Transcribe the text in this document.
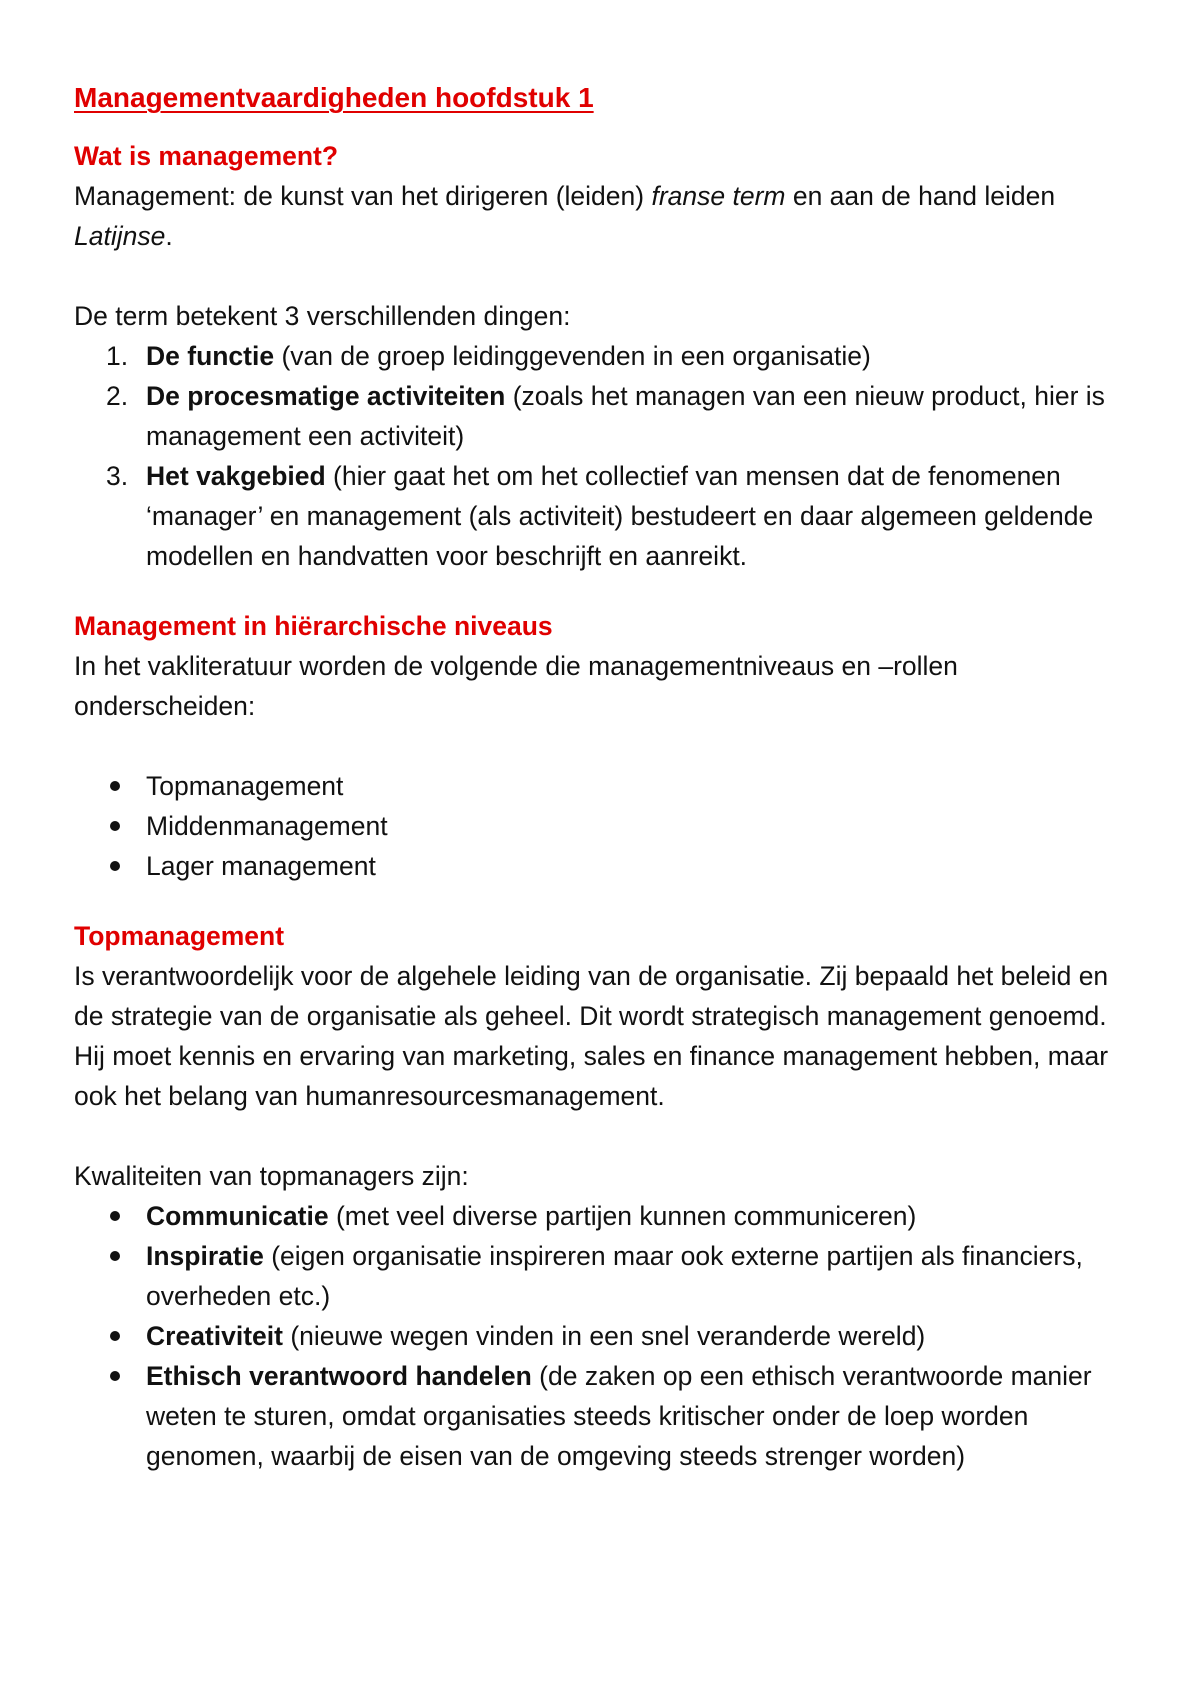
Managementvaardigheden hoofdstuk 1
Wat is management?

Management: de kunst van het dirigeren (leiden) franse term en aan de hand leiden Latijnse.

De term betekent 3 verschillenden dingen:

1. De functie (van de groep leidinggevenden in een organisatie)
2. De procesmatige activiteiten (zoals het managen van een nieuw product, hier is management een activiteit)
3. Het vakgebied (hier gaat het om het collectief van mensen dat de fenomenen ‘manager’ en management (als activiteit) bestudeert en daar algemeen geldende modellen en handvatten voor beschrijft en aanreikt.
Management in hiërarchische niveaus

In het vakliteratuur worden de volgende die managementniveaus en –rollen onderscheiden:

Topmanagement
Middenmanagement
Lager management
Topmanagement

Is verantwoordelijk voor de algehele leiding van de organisatie. Zij bepaald het beleid en de strategie van de organisatie als geheel. Dit wordt strategisch management genoemd. Hij moet kennis en ervaring van marketing, sales en finance management hebben, maar ook het belang van humanresourcesmanagement.

Kwaliteiten van topmanagers zijn:

Communicatie (met veel diverse partijen kunnen communiceren)
Inspiratie (eigen organisatie inspireren maar ook externe partijen als financiers, overheden etc.)
Creativiteit (nieuwe wegen vinden in een snel veranderde wereld)
Ethisch verantwoord handelen (de zaken op een ethisch verantwoorde manier weten te sturen, omdat organisaties steeds kritischer onder de loep worden genomen, waarbij de eisen van de omgeving steeds strenger worden)
